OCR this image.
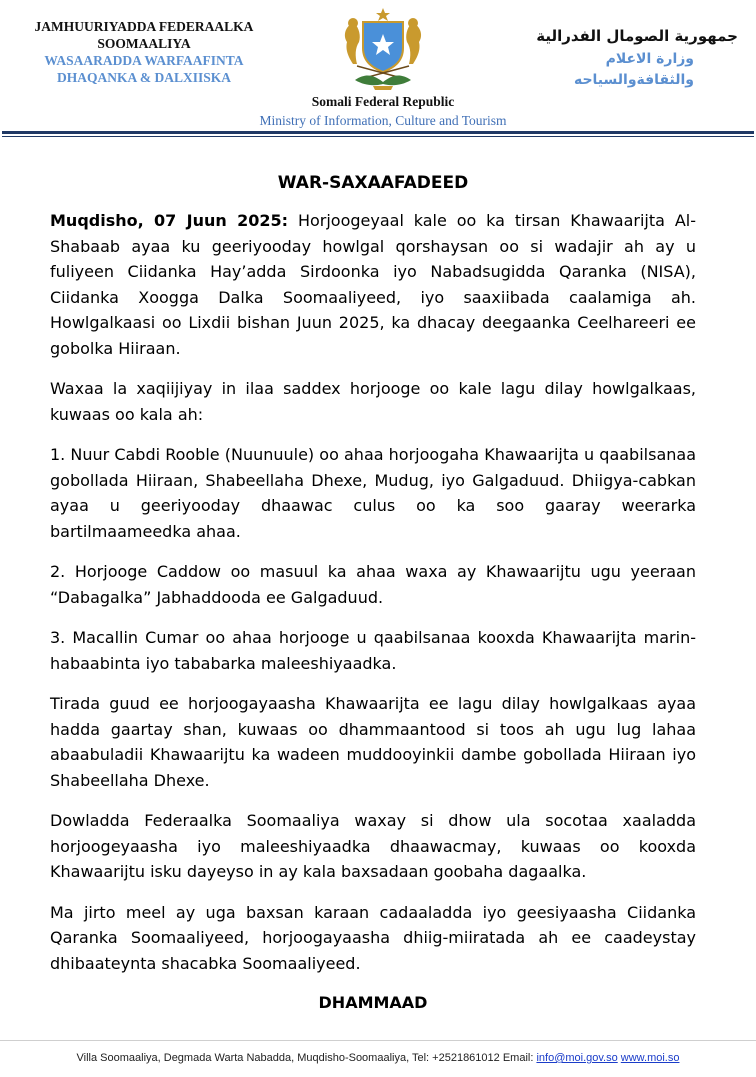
JAMHUURIYADDA FEDERAALKA
SOOMAALIYA
WASAARADDA WARFAAFINTA
DHAQANKA & DALXIISKA
Somali Federal Republic
Ministry of Information, Culture and Tourism
جمهورية الصومال الفدرالية
وزارة الاعلام
والثقافةوالسياحه
WAR-SAXAAFADEED

Muqdisho, 07 Juun 2025: Horjoogeyaal kale oo ka tirsan Khawaarijta Al-Shabaab ayaa ku geeriyooday howlgal qorshaysan oo si wadajir ah ay u fuliyeen Ciidanka Hay’adda Sirdoonka iyo Nabadsugidda Qaranka (NISA), Ciidanka Xoogga Dalka Soomaaliyeed, iyo saaxiibada caalamiga ah. Howlgalkaasi oo Lixdii bishan Juun 2025, ka dhacay deegaanka Ceelhareeri ee gobolka Hiiraan.

Waxaa la xaqiijiyay in ilaa saddex horjooge oo kale lagu dilay howlgalkaas, kuwaas oo kala ah:

1. Nuur Cabdi Rooble (Nuunuule) oo ahaa horjoogaha Khawaarijta u qaabilsanaa gobollada Hiiraan, Shabeellaha Dhexe, Mudug, iyo Galgaduud. Dhiigya-cabkan ayaa u geeriyooday dhaawac culus oo ka soo gaaray weerarka bartilmaameedka ahaa.

2. Horjooge Caddow oo masuul ka ahaa waxa ay Khawaarijtu ugu yeeraan “Dabagalka” Jabhaddooda ee Galgaduud.

3. Macallin Cumar oo ahaa horjooge u qaabilsanaa kooxda Khawaarijta marin-habaabinta iyo tababarka maleeshiyaadka.

Tirada guud ee horjoogayaasha Khawaarijta ee lagu dilay howlgalkaas ayaa hadda gaartay shan, kuwaas oo dhammaantood si toos ah ugu lug lahaa abaabuladii Khawaarijtu ka wadeen muddooyinkii dambe gobollada Hiiraan iyo Shabeellaha Dhexe.

Dowladda Federaalka Soomaaliya waxay si dhow ula socotaa xaaladda horjoogeyaasha iyo maleeshiyaadka dhaawacmay, kuwaas oo kooxda Khawaarijtu isku dayeyso in ay kala baxsadaan goobaha dagaalka.

Ma jirto meel ay uga baxsan karaan cadaaladda iyo geesiyaasha Ciidanka Qaranka Soomaaliyeed, horjoogayaasha dhiig-miiratada ah ee caadeystay dhibaateynta shacabka Soomaaliyeed.

DHAMMAAD
Villa Soomaaliya, Degmada Warta Nabadda, Muqdisho-Soomaaliya, Tel: +2521861012 Email: info@moi.gov.so www.moi.so
